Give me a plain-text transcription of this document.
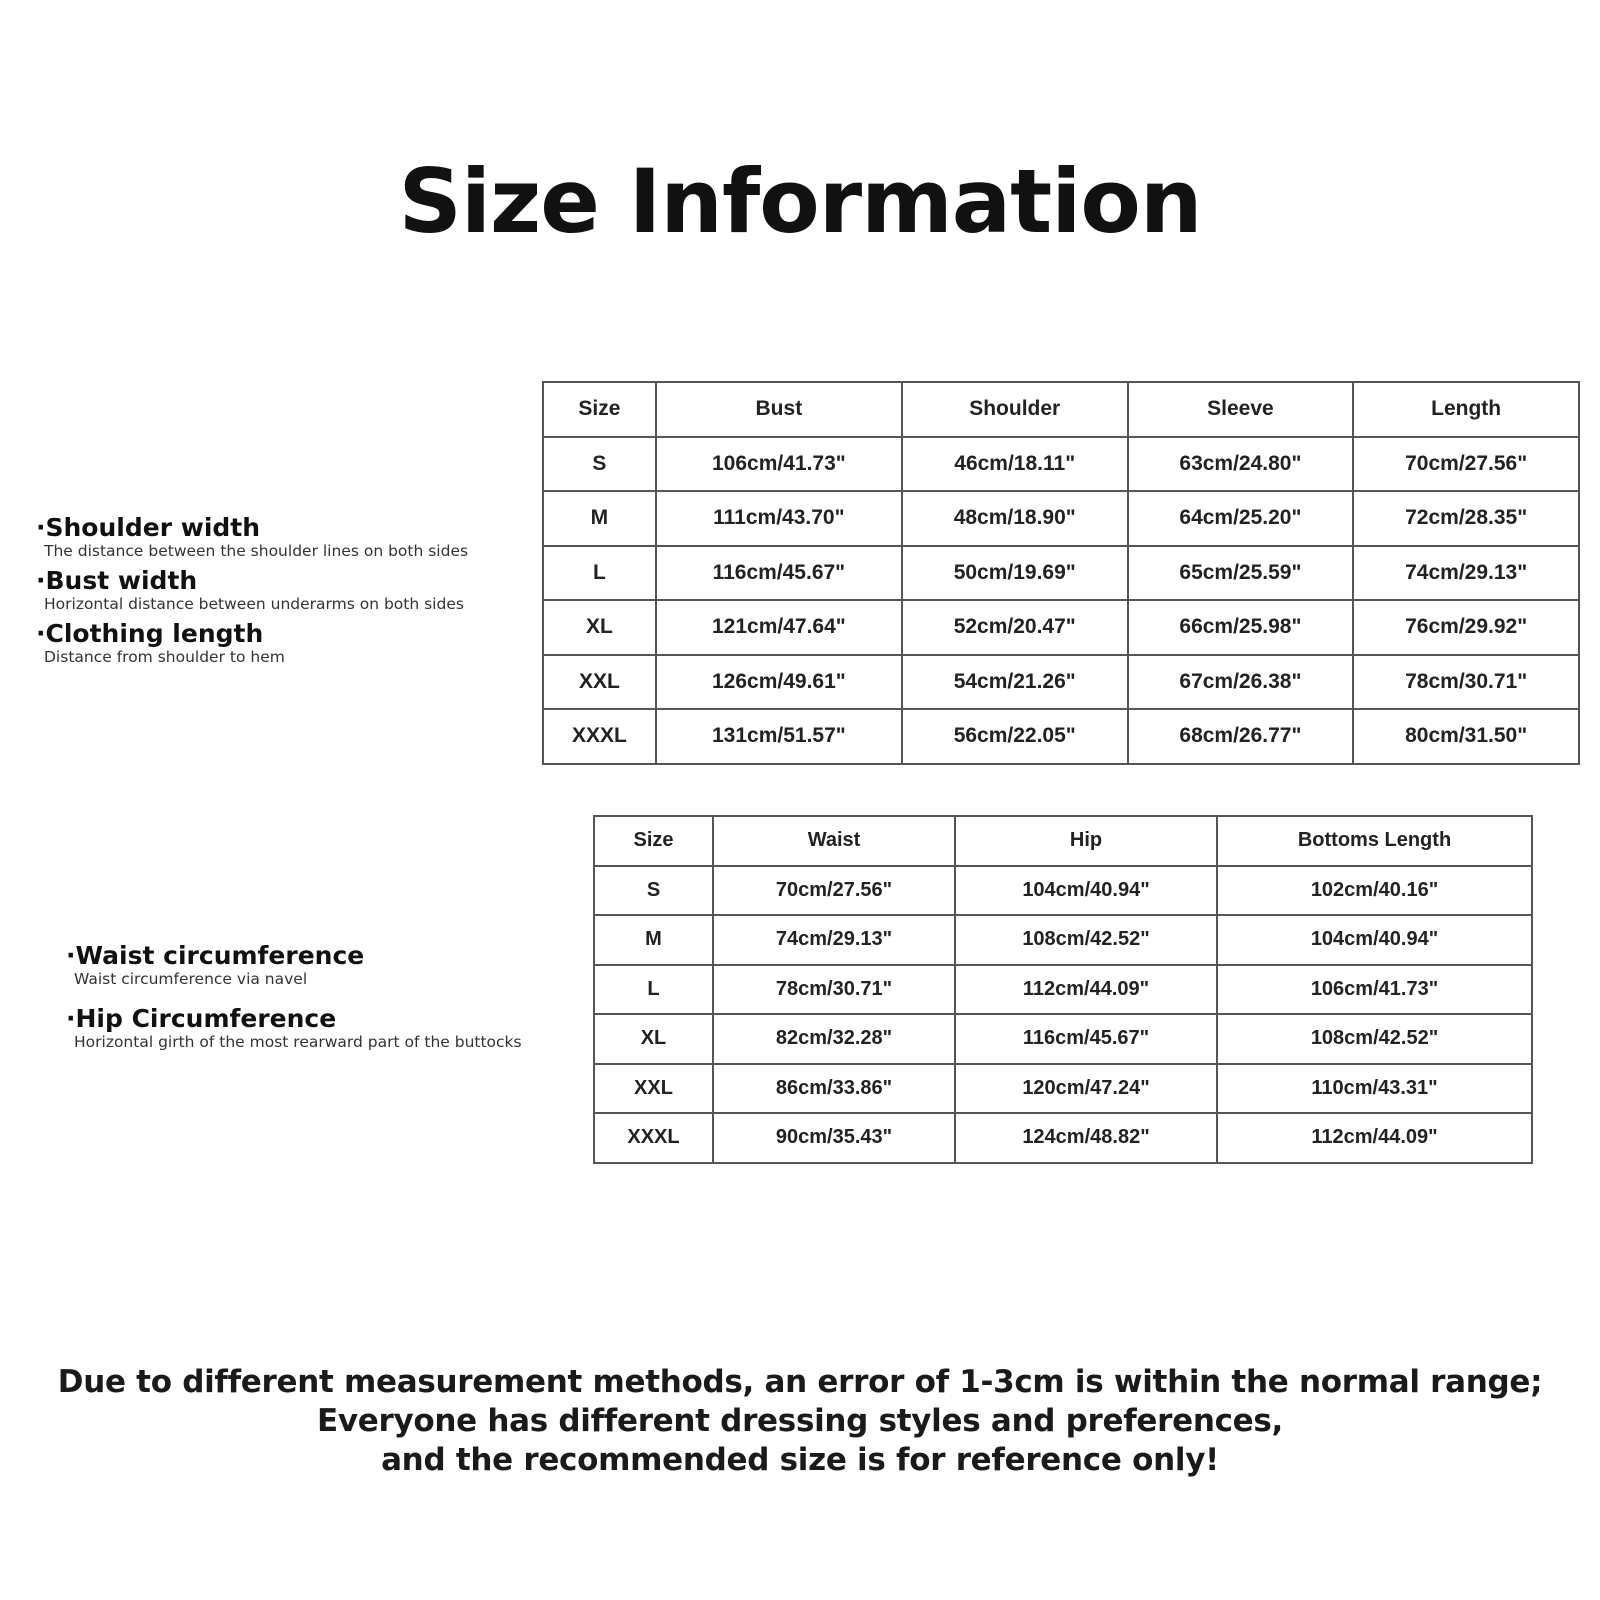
Size Information
·Shoulder width
The distance between the shoulder lines on both sides
·Bust width
Horizontal distance between underarms on both sides
·Clothing length
Distance from shoulder to hem
Size	Bust	Shoulder	Sleeve	Length
S	106cm/41.73"	46cm/18.11"	63cm/24.80"	70cm/27.56"
M	111cm/43.70"	48cm/18.90"	64cm/25.20"	72cm/28.35"
L	116cm/45.67"	50cm/19.69"	65cm/25.59"	74cm/29.13"
XL	121cm/47.64"	52cm/20.47"	66cm/25.98"	76cm/29.92"
XXL	126cm/49.61"	54cm/21.26"	67cm/26.38"	78cm/30.71"
XXXL	131cm/51.57"	56cm/22.05"	68cm/26.77"	80cm/31.50"
·Waist circumference
Waist circumference via navel
·Hip Circumference
Horizontal girth of the most rearward part of the buttocks
Size	Waist	Hip	Bottoms Length
S	70cm/27.56"	104cm/40.94"	102cm/40.16"
M	74cm/29.13"	108cm/42.52"	104cm/40.94"
L	78cm/30.71"	112cm/44.09"	106cm/41.73"
XL	82cm/32.28"	116cm/45.67"	108cm/42.52"
XXL	86cm/33.86"	120cm/47.24"	110cm/43.31"
XXXL	90cm/35.43"	124cm/48.82"	112cm/44.09"
Due to different measurement methods, an error of 1-3cm is within the normal range;
Everyone has different dressing styles and preferences,
and the recommended size is for reference only!
